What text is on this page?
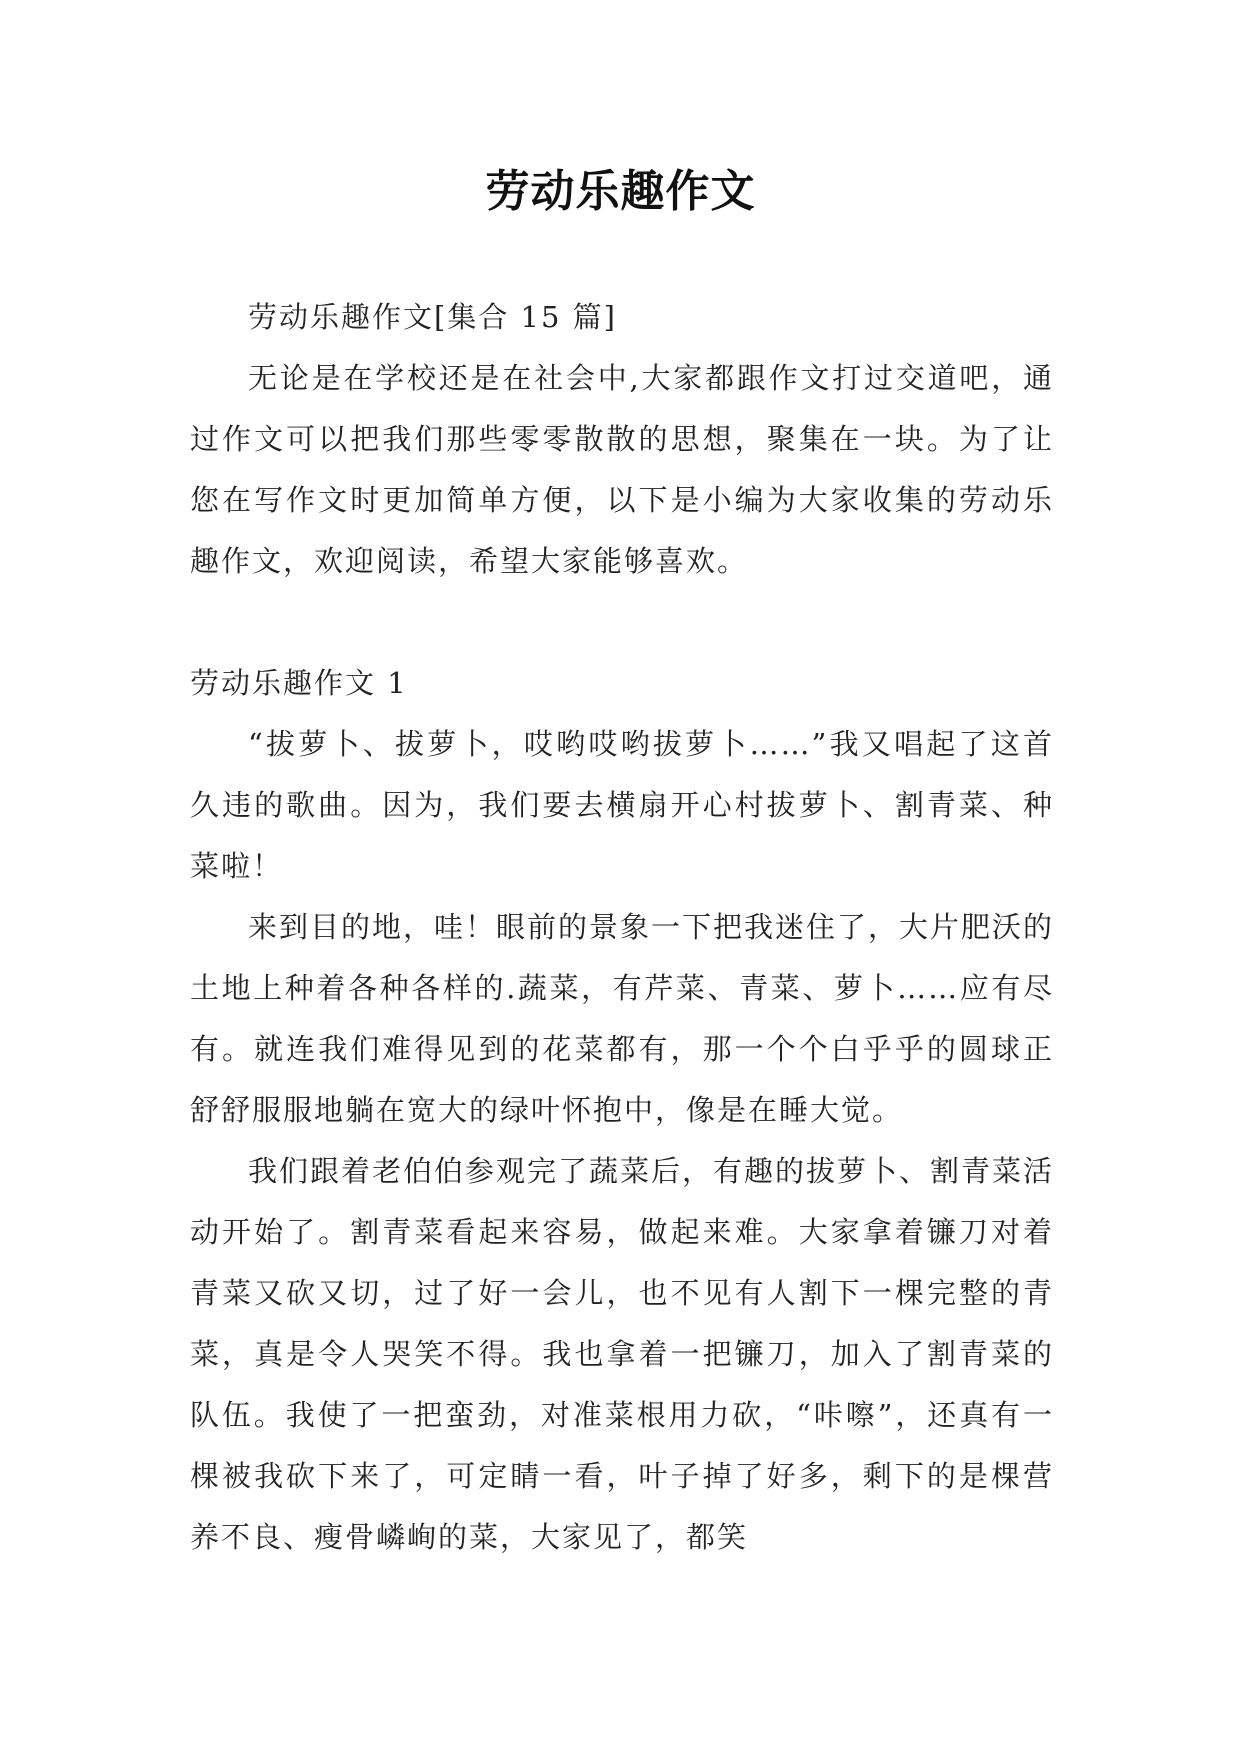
劳动乐趣作文

劳动乐趣作文[集合 15 篇]

无论是在学校还是在社会中,大家都跟作文打过交道吧，通过作文可以把我们那些零零散散的思想，聚集在一块。为了让您在写作文时更加简单方便，以下是小编为大家收集的劳动乐趣作文，欢迎阅读，希望大家能够喜欢。

劳动乐趣作文 1

“拔萝卜、拔萝卜，哎哟哎哟拔萝卜……”我又唱起了这首久违的歌曲。因为，我们要去横扇开心村拔萝卜、割青菜、种菜啦！

来到目的地，哇！眼前的景象一下把我迷住了，大片肥沃的土地上种着各种各样的.蔬菜，有芹菜、青菜、萝卜……应有尽有。就连我们难得见到的花菜都有，那一个个白乎乎的圆球正舒舒服服地躺在宽大的绿叶怀抱中，像是在睡大觉。

我们跟着老伯伯参观完了蔬菜后，有趣的拔萝卜、割青菜活动开始了。割青菜看起来容易，做起来难。大家拿着镰刀对着青菜又砍又切，过了好一会儿，也不见有人割下一棵完整的青菜，真是令人哭笑不得。我也拿着一把镰刀，加入了割青菜的队伍。我使了一把蛮劲，对准菜根用力砍，“咔嚓”，还真有一棵被我砍下来了，可定睛一看，叶子掉了好多，剩下的是棵营养不良、瘦骨嶙峋的菜，大家见了，都笑
